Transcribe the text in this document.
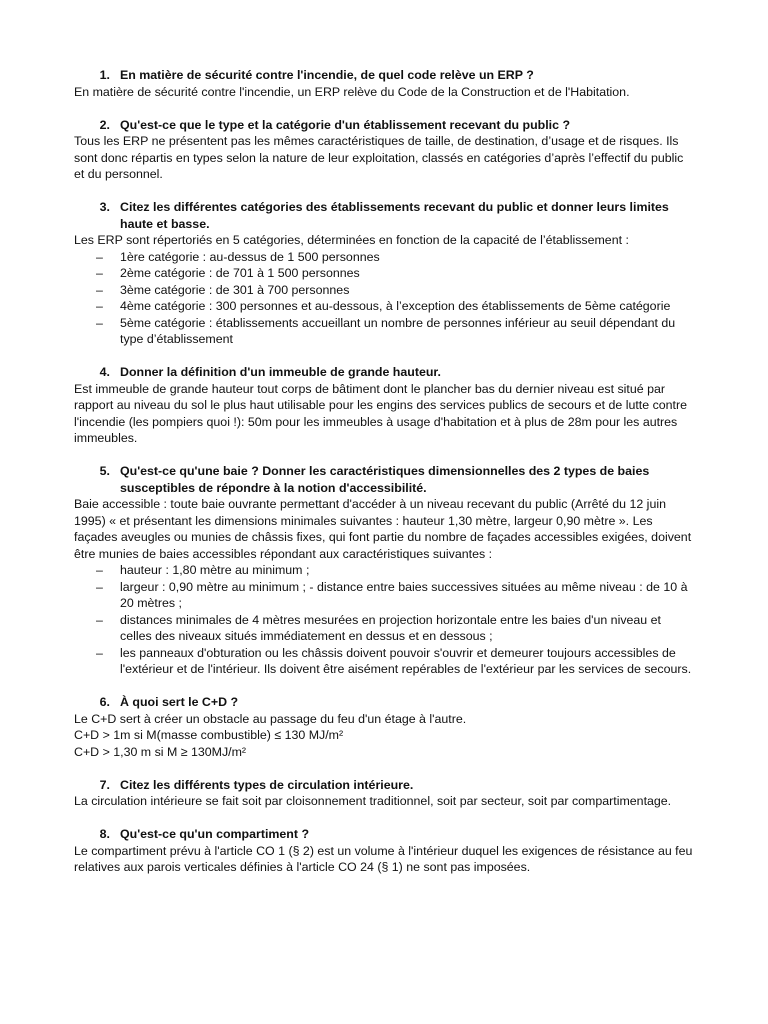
1. En matière de sécurité contre l'incendie, de quel code relève un ERP ?

En matière de sécurité contre l'incendie, un ERP relève du Code de la Construction et de l'Habitation.

2. Qu'est-ce que le type et la catégorie d'un établissement recevant du public ?

Tous les ERP ne présentent pas les mêmes caractéristiques de taille, de destination, d’usage et de risques. Ils sont donc répartis en types selon la nature de leur exploitation, classés en catégories d’après l’effectif du public et du personnel.

3. Citez les différentes catégories des établissements recevant du public et donner leurs limites haute et basse.

Les ERP sont répertoriés en 5 catégories, déterminées en fonction de la capacité de l’établissement :

–	1ère catégorie : au-dessus de 1 500 personnes
–	2ème catégorie : de 701 à 1 500 personnes
–	3ème catégorie : de 301 à 700 personnes
–	4ème catégorie : 300 personnes et au-dessous, à l’exception des établissements de 5ème catégorie
–	5ème catégorie : établissements accueillant un nombre de personnes inférieur au seuil dépendant du type d’établissement

4. Donner la définition d'un immeuble de grande hauteur.

Est immeuble de grande hauteur tout corps de bâtiment dont le plancher bas du dernier niveau est situé par rapport au niveau du sol le plus haut utilisable pour les engins des services publics de secours et de lutte contre l'incendie (les pompiers quoi !): 50m pour les immeubles à usage d'habitation et à plus de 28m pour les autres immeubles.

5. Qu'est-ce qu'une baie ? Donner les caractéristiques dimensionnelles des 2 types de baies susceptibles de répondre à la notion d'accessibilité.

Baie accessible : toute baie ouvrante permettant d'accéder à un niveau recevant du public (Arrêté du 12 juin 1995) « et présentant les dimensions minimales suivantes : hauteur 1,30 mètre, largeur 0,90 mètre ». Les façades aveugles ou munies de châssis fixes, qui font partie du nombre de façades accessibles exigées, doivent être munies de baies accessibles répondant aux caractéristiques suivantes :

–	hauteur : 1,80 mètre au minimum ;
–	largeur : 0,90 mètre au minimum ; - distance entre baies successives situées au même niveau : de 10 à 20 mètres ;
–	distances minimales de 4 mètres mesurées en projection horizontale entre les baies d'un niveau et celles des niveaux situés immédiatement en dessus et en dessous ;
–	les panneaux d'obturation ou les châssis doivent pouvoir s'ouvrir et demeurer toujours accessibles de l'extérieur et de l'intérieur. Ils doivent être aisément repérables de l'extérieur par les services de secours.

6. À quoi sert le C+D ?

Le C+D sert à créer un obstacle au passage du feu d'un étage à l'autre.

C+D > 1m si M(masse combustible) ≤ 130 MJ/m²

C+D > 1,30 m si M ≥ 130MJ/m²

7. Citez les différents types de circulation intérieure.

La circulation intérieure se fait soit par cloisonnement traditionnel, soit par secteur, soit par compartimentage.

8. Qu'est-ce qu'un compartiment ?

Le compartiment prévu à l'article CO 1 (§ 2) est un volume à l'intérieur duquel les exigences de résistance au feu relatives aux parois verticales définies à l'article CO 24 (§ 1) ne sont pas imposées.
